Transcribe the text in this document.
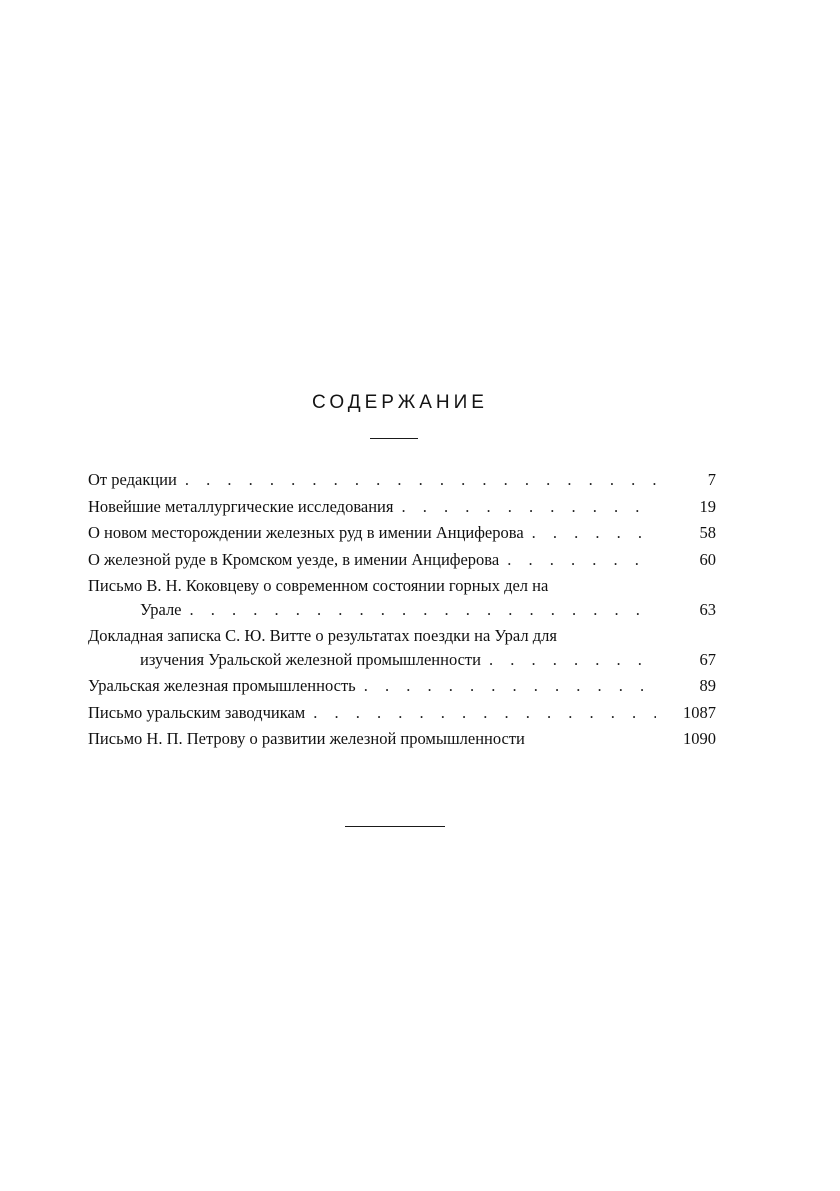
СОДЕРЖАНИЕ
От редакции . . .	7
Новейшие металлургические исследования . . .	19
О новом месторождении железных руд в имении Анциферова . . .	58
О железной руде в Кромском уезде, в имении Анциферова . . .	60
Письмо В. Н. Коковцеву о современном состоянии горных дел на
Урале . . .	63
Докладная записка С. Ю. Витте о результатах поездки на Урал для
изучения Уральской железной промышленности . . .	67
Уральская железная промышленность . . .	89
Письмо уральским заводчикам . . .	1087
Письмо Н. П. Петрову о развитии железной промышленности	1090
